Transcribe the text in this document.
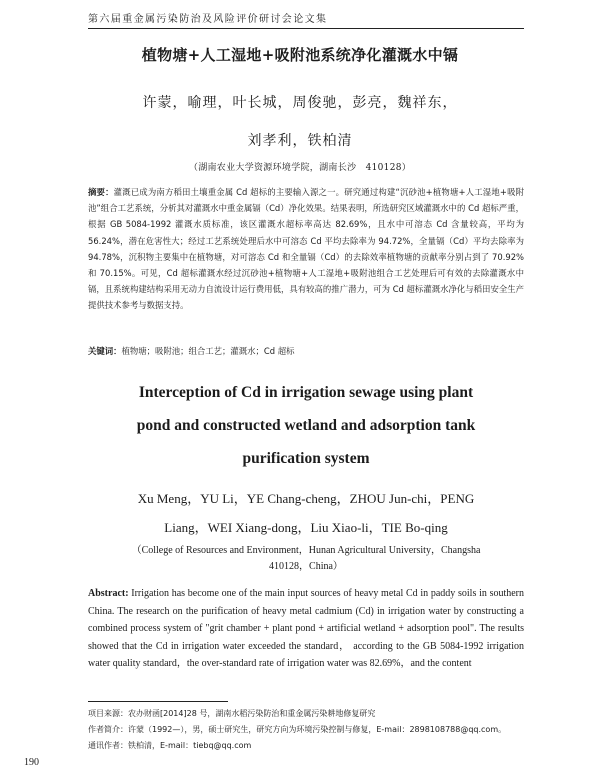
第六届重金属污染防治及风险评价研讨会论文集
植物塘+人工湿地+吸附池系统净化灌溉水中镉
许蒙，喻理，叶长城，周俊驰，彭亮，魏祥东，
刘孝利，铁柏清
（湖南农业大学资源环境学院，湖南长沙　410128）
摘要：灌溉已成为南方稻田土壤重金属 Cd 超标的主要输入源之一。研究通过构建“沉砂池+植物塘+人工湿地+吸附池”组合工艺系统，分析其对灌溉水中重金属镉（Cd）净化效果。结果表明，所选研究区域灌溉水中的 Cd 超标严重，根据 GB 5084-1992 灌溉水质标准，该区灌溉水超标率高达 82.69%，且水中可溶态 Cd 含量较高，平均为 56.24%，潜在危害性大；经过工艺系统处理后水中可溶态 Cd 平均去除率为 94.72%，全量镉（Cd）平均去除率为 94.78%，沉积物主要集中在植物塘，对可溶态 Cd 和全量镉（Cd）的去除效率植物塘的贡献率分别占到了 70.92%和 70.15%。可见，Cd 超标灌溉水经过沉砂池+植物塘+人工湿地+吸附池组合工艺处理后可有效的去除灌溉水中镉，且系统构建结构采用无动力自流设计运行费用低，具有较高的推广潜力，可为 Cd 超标灌溉水净化与稻田安全生产提供技术参考与数据支持。
关键词：植物塘；吸附池；组合工艺；灌溉水；Cd 超标
Interception of Cd in irrigation sewage using plant
pond and constructed wetland and adsorption tank
purification system
Xu Meng，YU Li，YE Chang-cheng，ZHOU Jun-chi，PENG
Liang，WEI Xiang-dong，Liu Xiao-li，TIE Bo-qing
（College of Resources and Environment，Hunan Agricultural University，Changsha
410128，China）
Abstract: Irrigation has become one of the main input sources of heavy metal Cd in paddy soils in southern China. The research on the purification of heavy metal cadmium (Cd) in irrigation water by constructing a combined process system of "grit chamber + plant pond + artificial wetland + adsorption pool". The results showed that the Cd in irrigation water exceeded the standard， according to the GB 5084-1992 irrigation water quality standard，the over-standard rate of irrigation water was 82.69%，and the content
项目来源：农办财函[2014]28 号，湖南水稻污染防治和重金属污染耕地修复研究
作者简介：许蒙（1992—），男，硕士研究生，研究方向为环境污染控制与修复，E-mail：2898108788@qq.com。
通讯作者：铁柏清，E-mail：tiebq@qq.com
190
